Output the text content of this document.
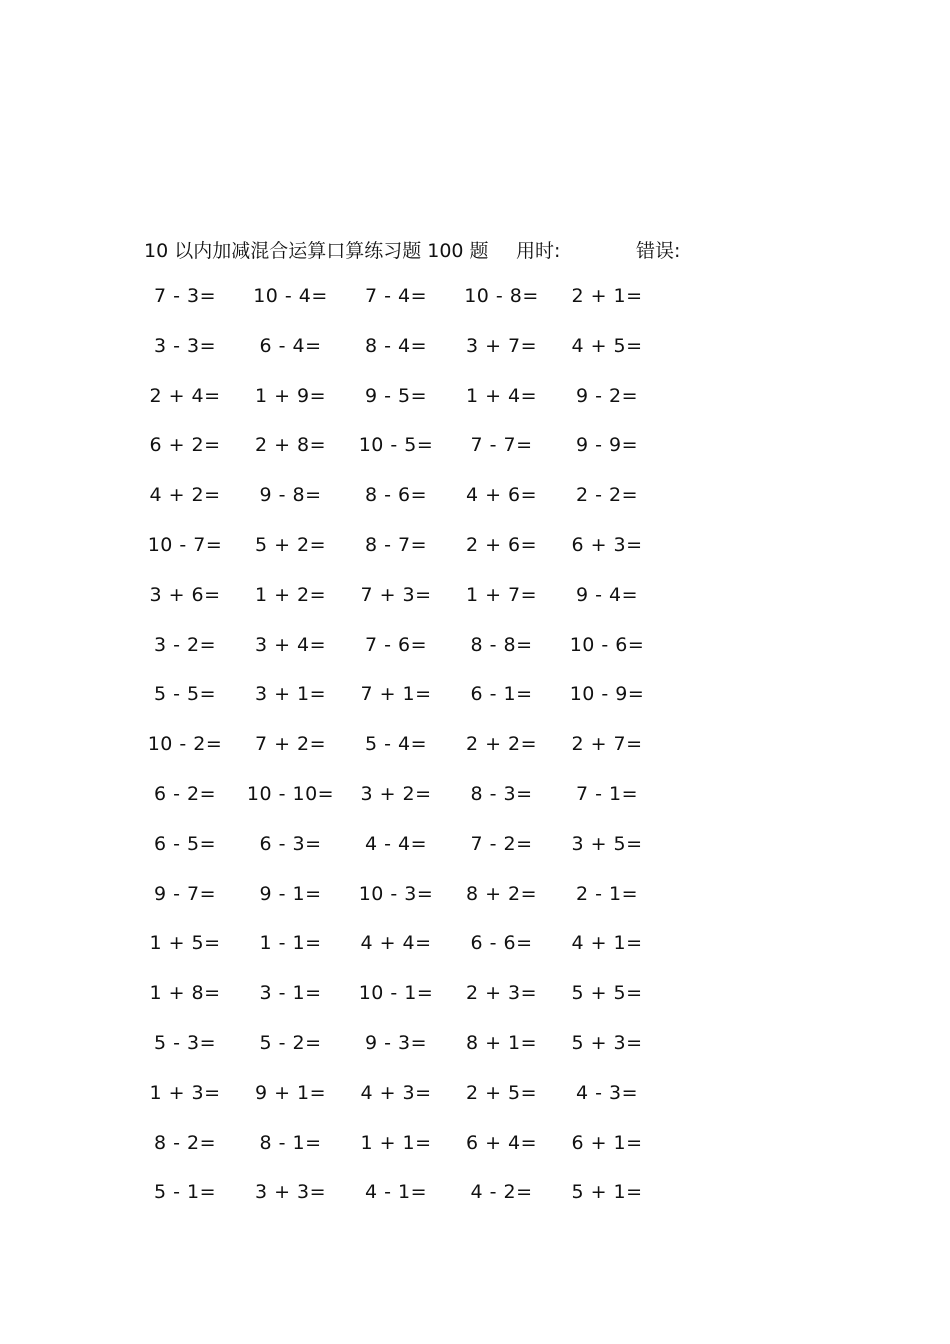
10 以内加减混合运算口算练习题 100 题 用时:	错误:
7 - 3=	10 - 4=	7 - 4=	10 - 8=	2 + 1=
3 - 3=	6 - 4=	8 - 4=	3 + 7=	4 + 5=
2 + 4=	1 + 9=	9 - 5=	1 + 4=	9 - 2=
6 + 2=	2 + 8=	10 - 5=	7 - 7=	9 - 9=
4 + 2=	9 - 8=	8 - 6=	4 + 6=	2 - 2=
10 - 7=	5 + 2=	8 - 7=	2 + 6=	6 + 3=
3 + 6=	1 + 2=	7 + 3=	1 + 7=	9 - 4=
3 - 2=	3 + 4=	7 - 6=	8 - 8=	10 - 6=
5 - 5=	3 + 1=	7 + 1=	6 - 1=	10 - 9=
10 - 2=	7 + 2=	5 - 4=	2 + 2=	2 + 7=
6 - 2=	10 - 10=	3 + 2=	8 - 3=	7 - 1=
6 - 5=	6 - 3=	4 - 4=	7 - 2=	3 + 5=
9 - 7=	9 - 1=	10 - 3=	8 + 2=	2 - 1=
1 + 5=	1 - 1=	4 + 4=	6 - 6=	4 + 1=
1 + 8=	3 - 1=	10 - 1=	2 + 3=	5 + 5=
5 - 3=	5 - 2=	9 - 3=	8 + 1=	5 + 3=
1 + 3=	9 + 1=	4 + 3=	2 + 5=	4 - 3=
8 - 2=	8 - 1=	1 + 1=	6 + 4=	6 + 1=
5 - 1=	3 + 3=	4 - 1=	4 - 2=	5 + 1=
